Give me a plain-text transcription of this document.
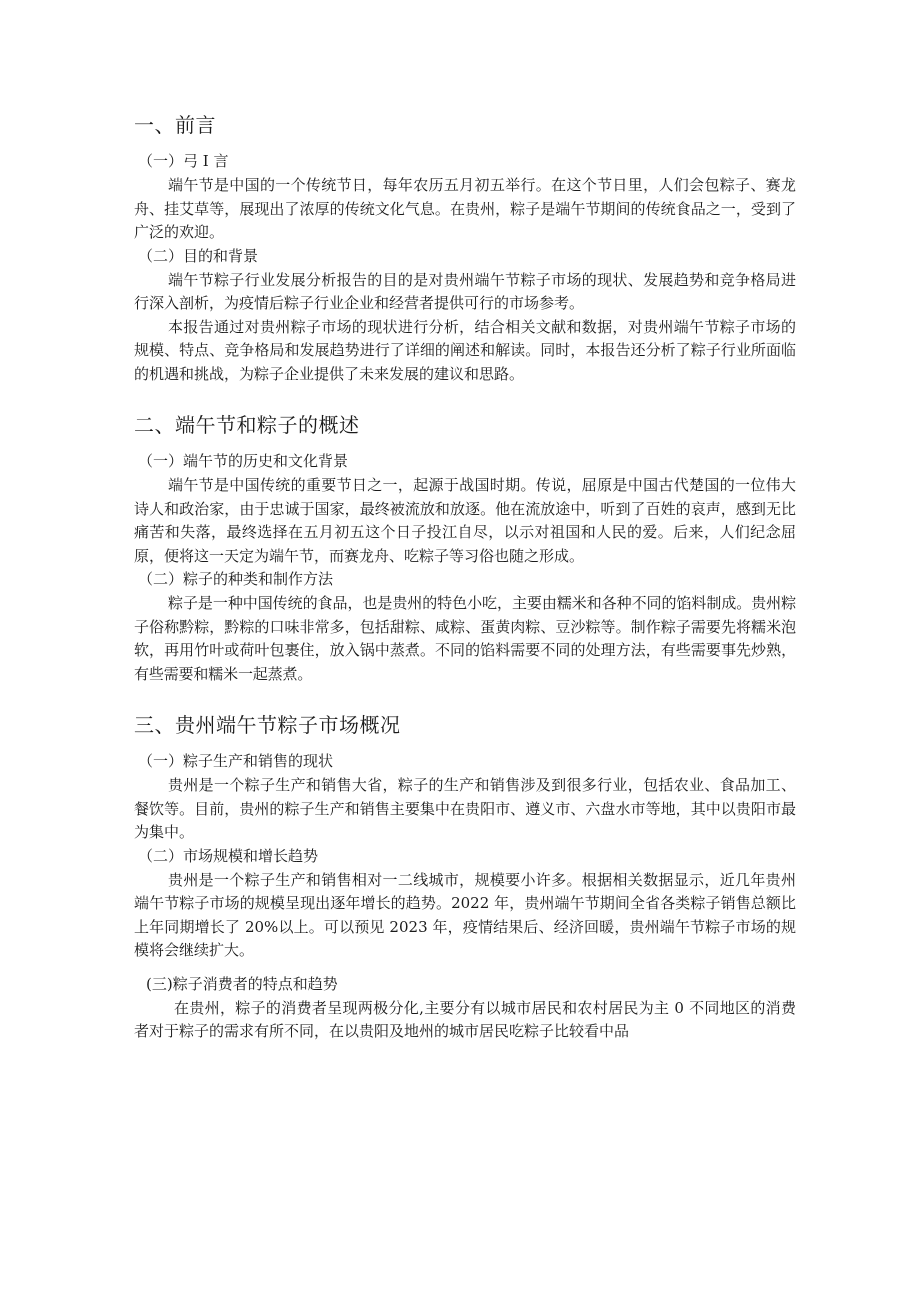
一、前言
（一）弓 I 言

端午节是中国的一个传统节日，每年农历五月初五举行。在这个节日里，人们会包粽子、赛龙舟、挂艾草等，展现出了浓厚的传统文化气息。在贵州，粽子是端午节期间的传统食品之一，受到了广泛的欢迎。

（二）目的和背景

端午节粽子行业发展分析报告的目的是对贵州端午节粽子市场的现状、发展趋势和竞争格局进行深入剖析，为疫情后粽子行业企业和经营者提供可行的市场参考。

本报告通过对贵州粽子市场的现状进行分析，结合相关文献和数据，对贵州端午节粽子市场的规模、特点、竞争格局和发展趋势进行了详细的阐述和解读。同时，本报告还分析了粽子行业所面临的机遇和挑战，为粽子企业提供了未来发展的建议和思路。

二、端午节和粽子的概述
（一）端午节的历史和文化背景

端午节是中国传统的重要节日之一，起源于战国时期。传说，屈原是中国古代楚国的一位伟大诗人和政治家，由于忠诚于国家，最终被流放和放逐。他在流放途中，听到了百姓的哀声，感到无比痛苦和失落，最终选择在五月初五这个日子投江自尽，以示对祖国和人民的爱。后来，人们纪念屈原，便将这一天定为端午节，而赛龙舟、吃粽子等习俗也随之形成。

（二）粽子的种类和制作方法

粽子是一种中国传统的食品，也是贵州的特色小吃，主要由糯米和各种不同的馅料制成。贵州粽子俗称黔粽，黔粽的口味非常多，包括甜粽、咸粽、蛋黄肉粽、豆沙粽等。制作粽子需要先将糯米泡软，再用竹叶或荷叶包裹住，放入锅中蒸煮。不同的馅料需要不同的处理方法，有些需要事先炒熟，有些需要和糯米一起蒸煮。

三、贵州端午节粽子市场概况
（一）粽子生产和销售的现状

贵州是一个粽子生产和销售大省，粽子的生产和销售涉及到很多行业，包括农业、食品加工、餐饮等。目前，贵州的粽子生产和销售主要集中在贵阳市、遵义市、六盘水市等地，其中以贵阳市最为集中。

（二）市场规模和增长趋势

贵州是一个粽子生产和销售相对一二线城市，规模要小许多。根据相关数据显示，近几年贵州端午节粽子市场的规模呈现出逐年增长的趋势。2022 年，贵州端午节期间全省各类粽子销售总额比上年同期增长了 20%以上。可以预见 2023 年，疫情结果后、经济回暖，贵州端午节粽子市场的规模将会继续扩大。

(三)粽子消费者的特点和趋势

在贵州，粽子的消费者呈现两极分化,主要分有以城市居民和农村居民为主 0 不同地区的消费者对于粽子的需求有所不同，在以贵阳及地州的城市居民吃粽子比较看中品
